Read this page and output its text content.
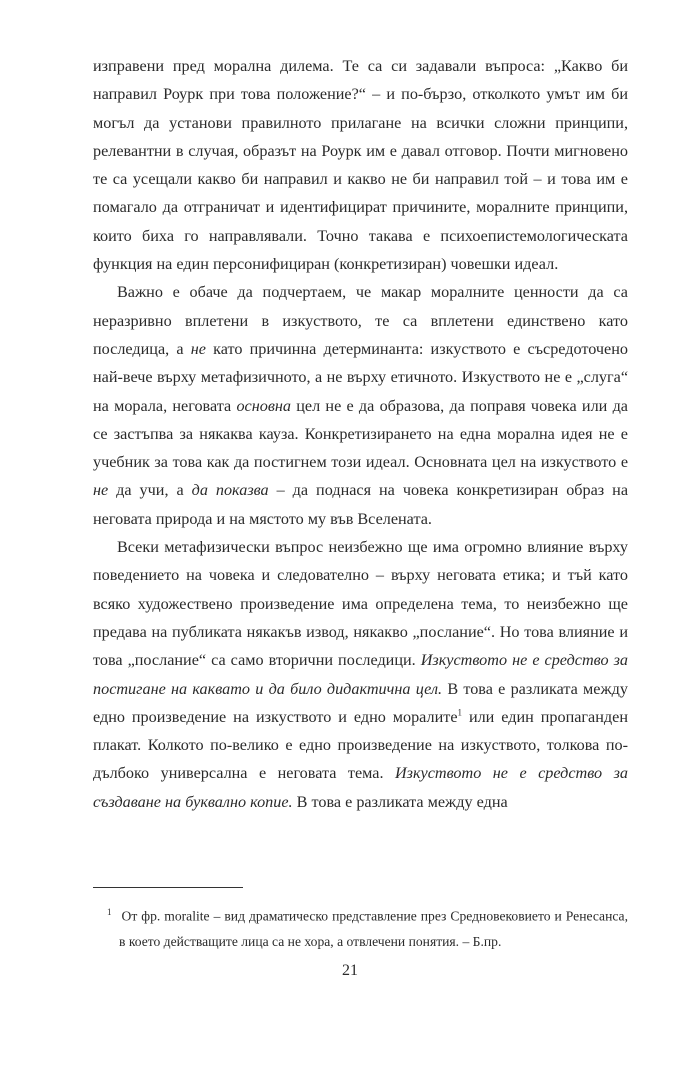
изправени пред морална дилема. Те са си задавали въпроса: „Какво би направил Роурк при това положение?“ – и по-бързо, отколкото умът им би могъл да установи правилното прилагане на всички сложни принципи, релевантни в случая, образът на Роурк им е давал отговор. Почти мигновено те са усещали какво би направил и какво не би направил той – и това им е помагало да отграничат и идентифицират причините, моралните принципи, които биха го направлявали. Точно такава е психоепистемологическата функция на един персонифициран (конкретизиран) човешки идеал.

Важно е обаче да подчертаем, че макар моралните ценности да са неразривно вплетени в изкуството, те са вплетени единствено като последица, а не като причинна детерминанта: изкуството е съсредоточено най-вече върху метафизичното, а не върху етичното. Изкуството не е „слуга“ на морала, неговата основна цел не е да образова, да поправя човека или да се застъпва за някаква кауза. Конкретизирането на една морална идея не е учебник за това как да постигнем този идеал. Основната цел на изкуството е не да учи, а да показва – да поднася на човека конкретизиран образ на неговата природа и на мястото му във Вселената.

Всеки метафизически въпрос неизбежно ще има огромно влияние върху поведението на човека и следователно – върху неговата етика; и тъй като всяко художествено произведение има определена тема, то неизбежно ще предава на публиката някакъв извод, някакво „послание“. Но това влияние и това „послание“ са само вторични последици. Изкуството не е средство за постигане на каквато и да било дидактична цел. В това е разликата между едно произведение на изкуството и едно моралите$^1$ или един пропаганден плакат. Колкото по-велико е едно произведение на изкуството, толкова по-дълбоко универсална е неговата тема. Изкуството не е средство за създаване на буквално копие. В това е разликата между една

$^1$ От фр. moralite – вид драматическо представление през Средновековието и Ренесанса, в което действащите лица са не хора, а отвлечени понятия. – Б.пр.
21
